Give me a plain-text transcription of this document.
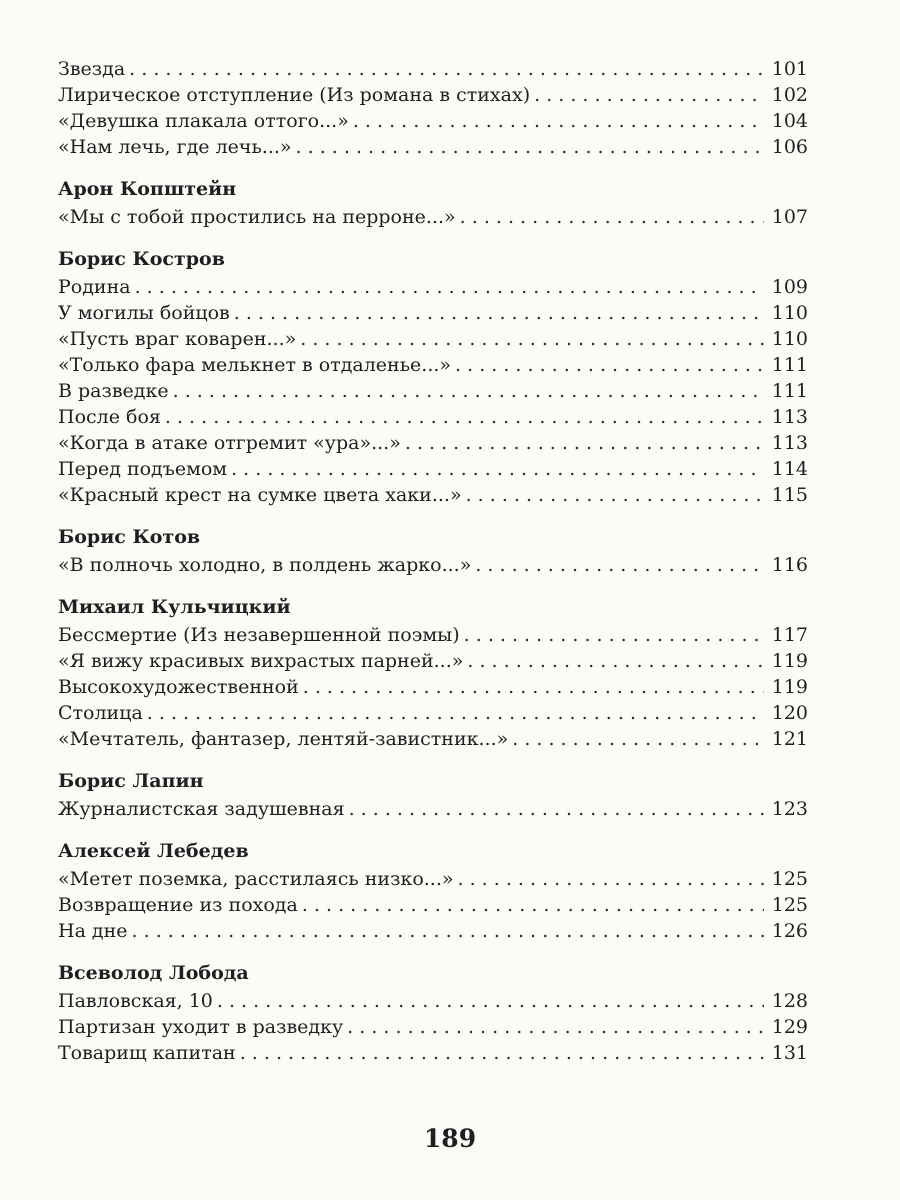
Звезда . . .	101
Лирическое отступление (Из романа в стихах) . . .	102
«Девушка плакала оттого...» . . .	104
«Нам лечь, где лечь...» . . .	106
Арон Копштейн
«Мы с тобой простились на перроне...» . . .	107
Борис Костров
Родина . . .	109
У могилы бойцов . . .	110
«Пусть враг коварен...» . . .	110
«Только фара мелькнет в отдаленье...» . . .	111
В разведке . . .	111
После боя . . .	113
«Когда в атаке отгремит «ура»...» . . .	113
Перед подъемом . . .	114
«Красный крест на сумке цвета хаки...» . . .	115
Борис Котов
«В полночь холодно, в полдень жарко...» . . .	116
Михаил Кульчицкий
Бессмертие (Из незавершенной поэмы) . . .	117
«Я вижу красивых вихрастых парней...» . . .	119
Высокохудожественной . . .	119
Столица . . .	120
«Мечтатель, фантазер, лентяй-завистник...» . . .	121
Борис Лапин
Журналистская задушевная . . .	123
Алексей Лебедев
«Метет поземка, расстилаясь низко...» . . .	125
Возвращение из похода . . .	125
На дне . . .	126
Всеволод Лобода
Павловская, 10 . . .	128
Партизан уходит в разведку . . .	129
Товарищ капитан . . .	131
189
